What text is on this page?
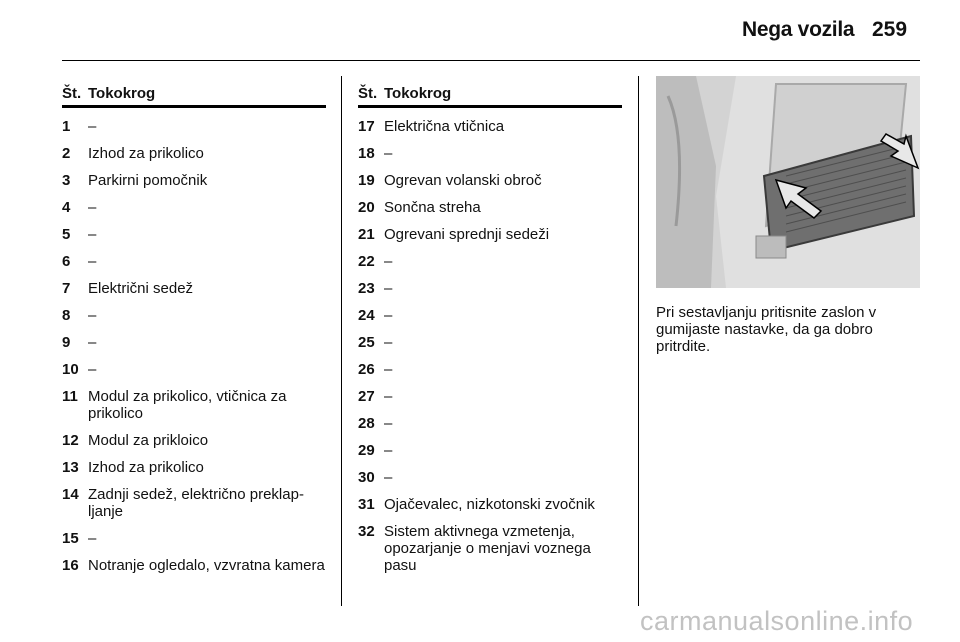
Nega vozila 259
Št. Tokokrog
1	–
2	Izhod za prikolico
3	Parkirni pomočnik
4	–
5	–
6	–
7	Električni sedež
8	–
9	–
10 –
11 Modul za prikolico, vtičnica za prikolico
12 Modul za prikloico
13 Izhod za prikolico
14 Zadnji sedež, električno preklap-ljanje
15 –
16 Notranje ogledalo, vzvratna kamera
Št. Tokokrog
17 Električna vtičnica
18 –
19 Ogrevan volanski obroč
20 Sončna streha
21 Ogrevani sprednji sedeži
22 –
23 –
24 –
25 –
26 –
27 –
28 –
29 –
30 –
31 Ojačevalec, nizkotonski zvočnik
32 Sistem aktivnega vzmetenja, opozarjanje o menjavi voznega pasu
Pri sestavljanju pritisnite zaslon v gumijaste nastavke, da ga dobro pritrdite.
carmanualsonline.info
